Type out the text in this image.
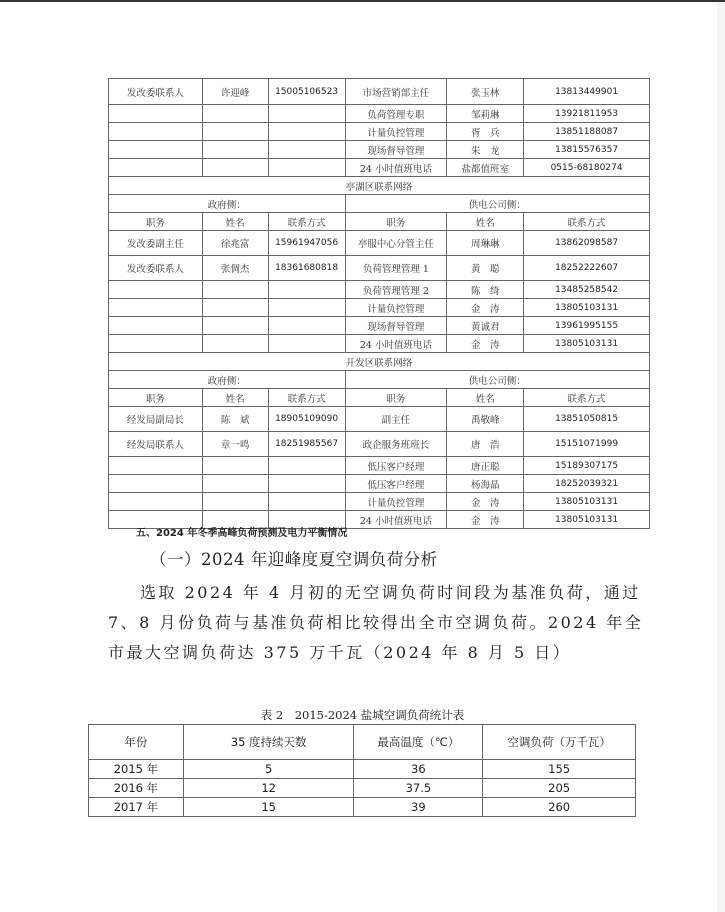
发改委联系人	许迎峰	15005106523	市场营销部主任	张玉林	13813449901
			负荷管理专职	邹莉琳	13921811953
			计量负控管理	胥　兵	13851188087
			现场督导管理	朱　龙	13815576357
			24 小时值班电话	盐都值班室	0515-68180274
亭湖区联系网络					
政府侧：			供电公司侧：		
职务	姓名	联系方式	职务	姓名	联系方式
发改委副主任	徐兆富	15961947056	亭服中心分管主任	周琳琳	13862098587
发改委联系人	张倜杰	18361680818	负荷管理管理 1	黄　聪	18252222607
			负荷管理管理 2	陈　绮	13485258542
			计量负控管理	金　涛	13805103131
			现场督导管理	黄诚君	13961995155
			24 小时值班电话	金　涛	13805103131
开发区联系网络					
政府侧：			供电公司侧：		
职务	姓名	联系方式	职务	姓名	联系方式
经发局副局长	陈　斌	18905109090	副主任	禹敬峰	13851050815
经发局联系人	章一鸣	18251985567	政企服务班班长	唐　浩	15151071999
			低压客户经理	唐正聪	15189307175
			低压客户经理	杨海晶	18252039321
			计量负控管理	金　涛	13805103131
			24 小时值班电话	金　涛	13805103131
五、2024 年冬季高峰负荷预测及电力平衡情况
（一）2024 年迎峰度夏空调负荷分析
选取 2024 年 4 月初的无空调负荷时间段为基准负荷，通过 7、8 月份负荷与基准负荷相比较得出全市空调负荷。2024 年全市最大空调负荷达 375 万千瓦（2024 年 8 月 5 日）
表 2　2015-2024 盐城空调负荷统计表
年份	35 度持续天数	最高温度（℃）	空调负荷（万千瓦）
2015 年	5	36	155
2016 年	12	37.5	205
2017 年	15	39	260
